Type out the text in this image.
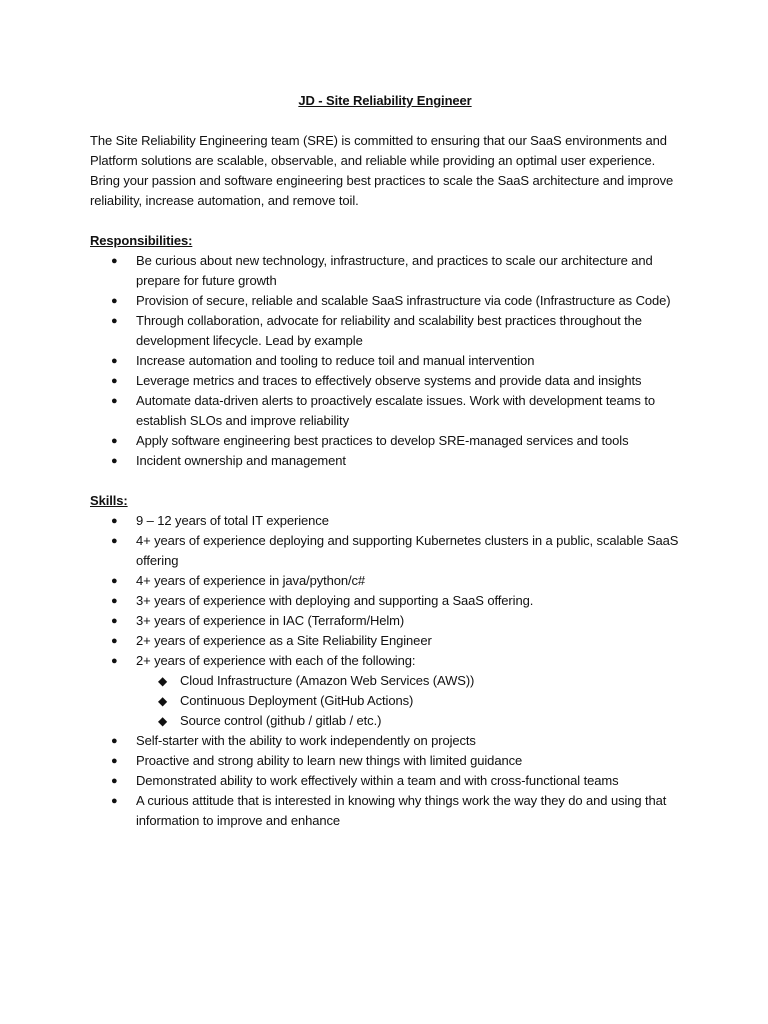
JD - Site Reliability Engineer

The Site Reliability Engineering team (SRE) is committed to ensuring that our SaaS environments and Platform solutions are scalable, observable, and reliable while providing an optimal user experience. Bring your passion and software engineering best practices to scale the SaaS architecture and improve reliability, increase automation, and remove toil.

Responsibilities:

● Be curious about new technology, infrastructure, and practices to scale our architecture and prepare for future growth
● Provision of secure, reliable and scalable SaaS infrastructure via code (Infrastructure as Code)
● Through collaboration, advocate for reliability and scalability best practices throughout the development lifecycle. Lead by example
● Increase automation and tooling to reduce toil and manual intervention
● Leverage metrics and traces to effectively observe systems and provide data and insights
● Automate data-driven alerts to proactively escalate issues. Work with development teams to establish SLOs and improve reliability
● Apply software engineering best practices to develop SRE-managed services and tools
● Incident ownership and management

Skills:

● 9 – 12 years of total IT experience
● 4+ years of experience deploying and supporting Kubernetes clusters in a public, scalable SaaS offering
● 4+ years of experience in java/python/c#
● 3+ years of experience with deploying and supporting a SaaS offering.
● 3+ years of experience in IAC (Terraform/Helm)
● 2+ years of experience as a Site Reliability Engineer
● 2+ years of experience with each of the following:
◆ Cloud Infrastructure (Amazon Web Services (AWS))
◆ Continuous Deployment (GitHub Actions)
◆ Source control (github / gitlab / etc.)
● Self-starter with the ability to work independently on projects
● Proactive and strong ability to learn new things with limited guidance
● Demonstrated ability to work effectively within a team and with cross-functional teams
● A curious attitude that is interested in knowing why things work the way they do and using that information to improve and enhance
